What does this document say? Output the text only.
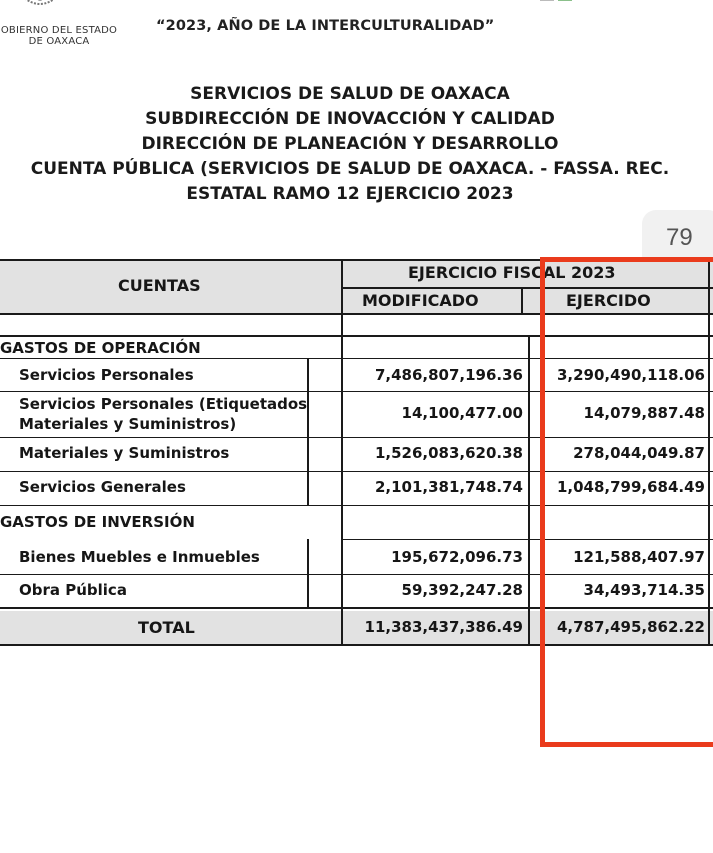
OBIERNO DEL ESTADO
DE OAXACA
“2023, AÑO DE LA INTERCULTURALIDAD”
SERVICIOS DE SALUD DE OAXACA
SUBDIRECCIÓN DE INOVACCIÓN Y CALIDAD
DIRECCIÓN DE PLANEACIÓN Y DESARROLLO
CUENTA PÚBLICA (SERVICIOS DE SALUD DE OAXACA. - FASSA. REC.
ESTATAL RAMO 12 EJERCICIO 2023
79
CUENTAS
EJERCICIO FISCAL 2023
MODIFICADO	EJERCIDO
GASTOS DE OPERACIÓN
Servicios Personales	7,486,807,196.36 3,290,490,118.06
Servicios Personales (Etiquetados
Materiales y Suministros)
14,100,477.00	14,079,887.48
Materiales y Suministros	1,526,083,620.38	278,044,049.87
Servicios Generales	2,101,381,748.74 1,048,799,684.49
GASTOS DE INVERSIÓN
Bienes Muebles e Inmuebles	195,672,096.73	121,588,407.97
Obra Pública	59,392,247.28	34,493,714.35
TOTAL	11,383,437,386.49 4,787,495,862.22
